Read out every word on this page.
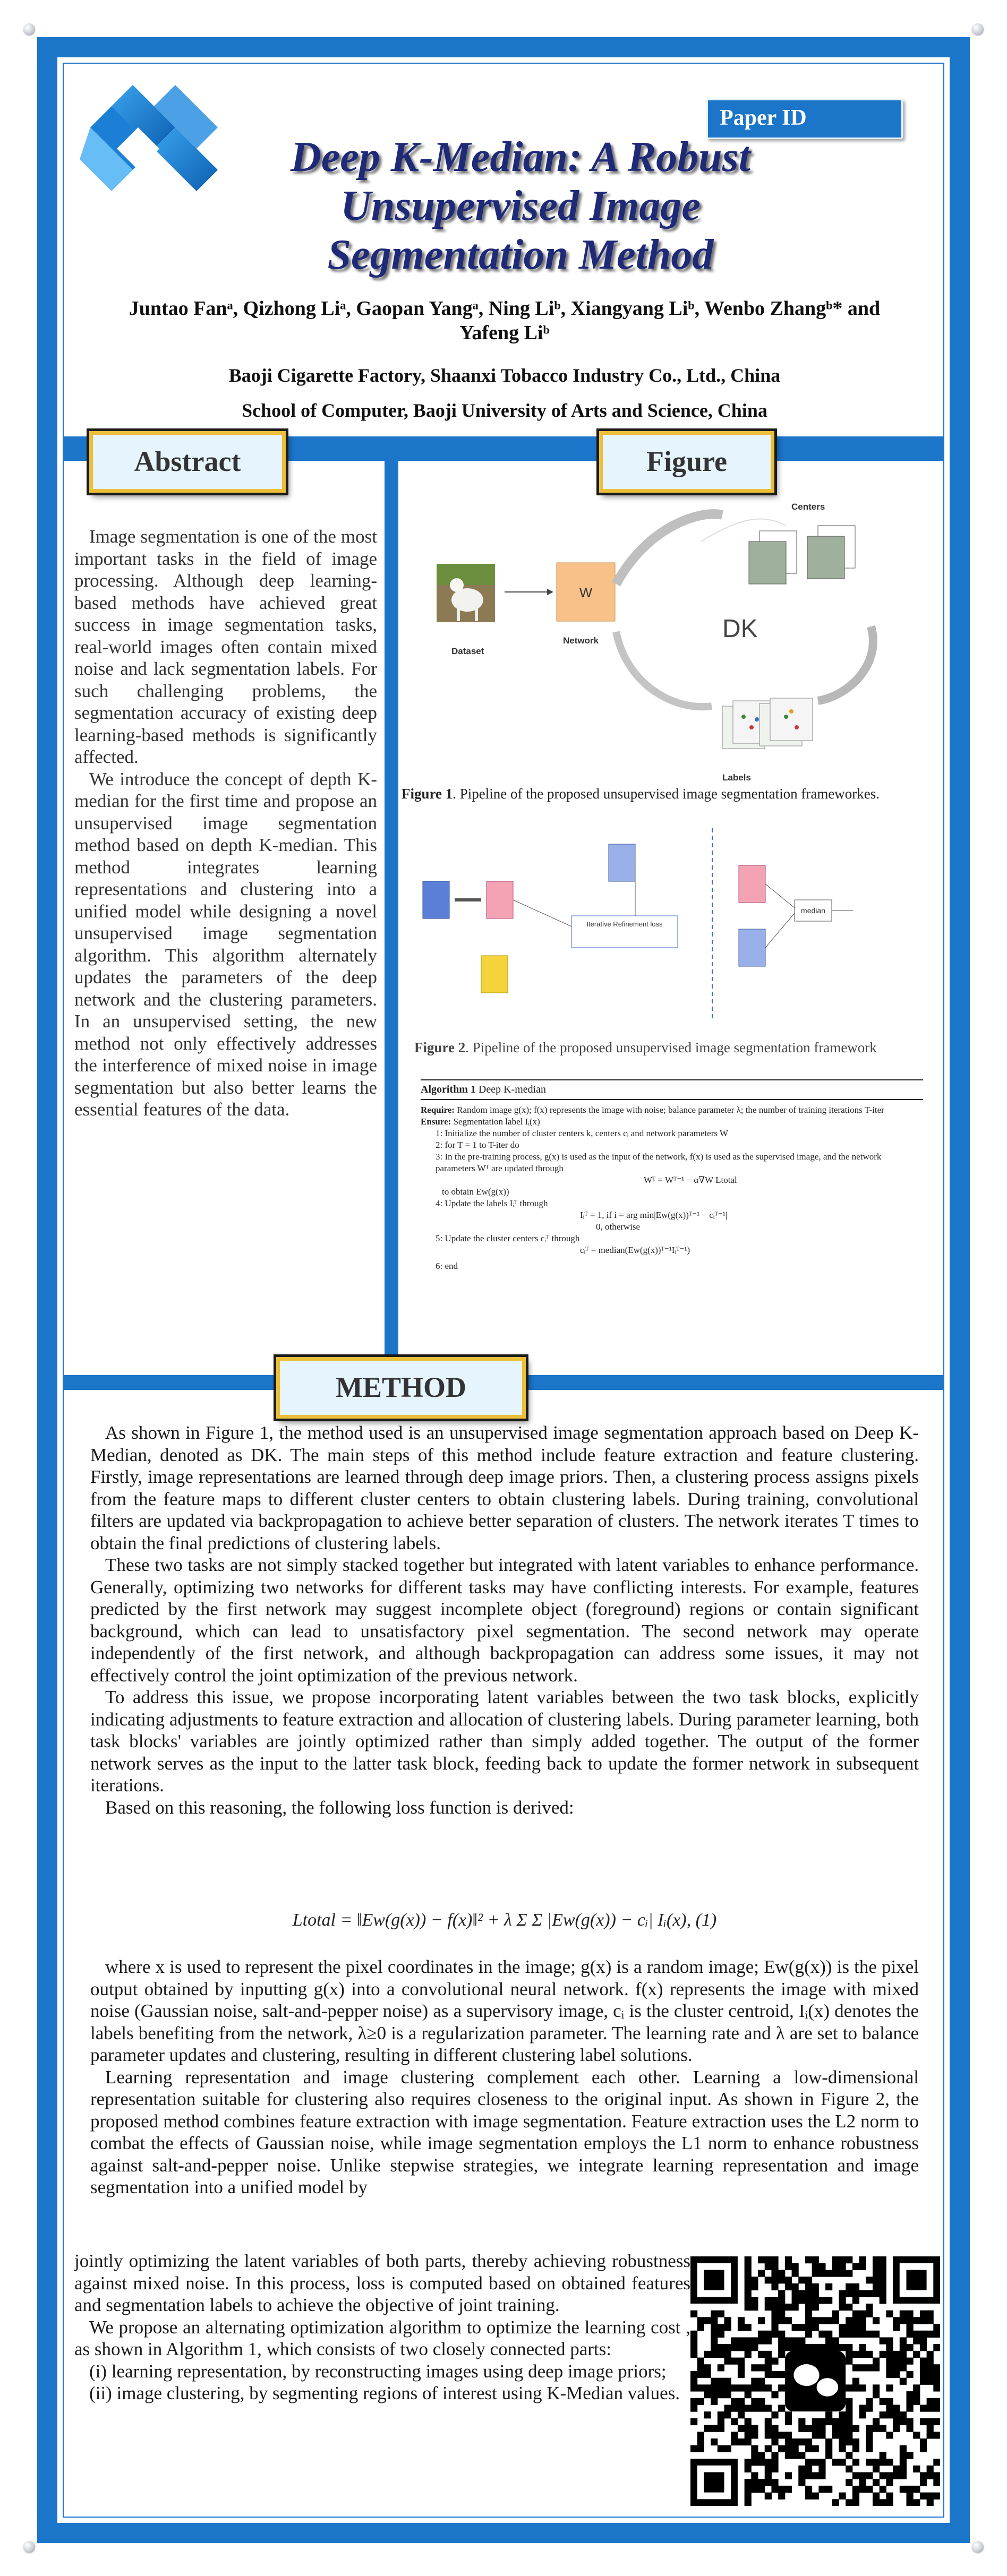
Paper ID
Deep K-Median: A Robust
Unsupervised Image
Segmentation Method
Juntao Fanᵃ, Qizhong Liᵃ, Gaopan Yangᵃ, Ning Liᵇ, Xiangyang Liᵇ, Wenbo Zhangᵇ* and
Yafeng Liᵇ
Baoji Cigarette Factory, Shaanxi Tobacco Industry Co., Ltd., China
School of Computer, Baoji University of Arts and Science, China
Abstract	Figure
METHOD

Image segmentation is one of the most important tasks in the field of image processing. Although deep learning-based methods have achieved great success in image segmentation tasks, real-world images often contain mixed noise and lack segmentation labels. For such challenging problems, the segmentation accuracy of existing deep learning-based methods is significantly affected.

We introduce the concept of depth K-median for the first time and propose an unsupervised image segmentation method based on depth K-median. This method integrates learning representations and clustering into a unified model while designing a novel unsupervised image segmentation algorithm. This algorithm alternately updates the parameters of the deep network and the clustering parameters. In an unsupervised setting, the new method not only effectively addresses the interference of mixed noise in image segmentation but also better learns the essential features of the data.

Dataset
Network
W
DK
Centers
Labels
Figure 1. Pipeline of the proposed unsupervised image segmentation frameworkes.
Iterative Refinement loss
median
Figure 2. Pipeline of the proposed unsupervised image segmentation framework
Algorithm 1 Deep K-median
Require: Random image g(x); f(x) represents the image with noise; balance parameter λ; the number of training iterations T-iter
Ensure: Segmentation label Iᵢ(x)
1: Initialize the number of cluster centers k, centers cᵢ and network parameters W
2: for T = 1 to T-iter do
3: In the pre-training process, g(x) is used as the input of the network, f(x) is used as the supervised image, and the network parameters Wᵀ are updated through
Wᵀ = Wᵀ⁻¹ − α∇W Ltotal
to obtain Ew(g(x))
4: Update the labels Iᵢᵀ through
Iᵢᵀ = 1, if i = arg min|Ew(g(x))ᵀ⁻¹ − cᵢᵀ⁻¹|
0, otherwise
5: Update the cluster centers cᵢᵀ through
cᵢᵀ = median(Ew(g(x))ᵀ⁻¹Iᵢᵀ⁻¹)
6: end

As shown in Figure 1, the method used is an unsupervised image segmentation approach based on Deep K-Median, denoted as DK. The main steps of this method include feature extraction and feature clustering. Firstly, image representations are learned through deep image priors. Then, a clustering process assigns pixels from the feature maps to different cluster centers to obtain clustering labels. During training, convolutional filters are updated via backpropagation to achieve better separation of clusters. The network iterates T times to obtain the final predictions of clustering labels.

These two tasks are not simply stacked together but integrated with latent variables to enhance performance. Generally, optimizing two networks for different tasks may have conflicting interests. For example, features predicted by the first network may suggest incomplete object (foreground) regions or contain significant background, which can lead to unsatisfactory pixel segmentation. The second network may operate independently of the first network, and although backpropagation can address some issues, it may not effectively control the joint optimization of the previous network.

To address this issue, we propose incorporating latent variables between the two task blocks, explicitly indicating adjustments to feature extraction and allocation of clustering labels. During parameter learning, both task blocks' variables are jointly optimized rather than simply added together. The output of the former network serves as the input to the latter task block, feeding back to update the former network in subsequent iterations.

Based on this reasoning, the following loss function is derived:

Ltotal = ‖Ew(g(x)) − f(x)‖² + λ Σ Σ |Ew(g(x)) − cᵢ| Iᵢ(x), (1)

where x is used to represent the pixel coordinates in the image; g(x) is a random image; Ew(g(x)) is the pixel output obtained by inputting g(x) into a convolutional neural network. f(x) represents the image with mixed noise (Gaussian noise, salt-and-pepper noise) as a supervisory image, cᵢ is the cluster centroid, Iᵢ(x) denotes the labels benefiting from the network, λ≥0 is a regularization parameter. The learning rate and λ are set to balance parameter updates and clustering, resulting in different clustering label solutions.

Learning representation and image clustering complement each other. Learning a low-dimensional representation suitable for clustering also requires closeness to the original input. As shown in Figure 2, the proposed method combines feature extraction with image segmentation. Feature extraction uses the L2 norm to combat the effects of Gaussian noise, while image segmentation employs the L1 norm to enhance robustness against salt-and-pepper noise. Unlike stepwise strategies, we integrate learning representation and image segmentation into a unified model by

jointly optimizing the latent variables of both parts, thereby achieving robustness against mixed noise. In this process, loss is computed based on obtained features and segmentation labels to achieve the objective of joint training.

We propose an alternating optimization algorithm to optimize the learning cost , as shown in Algorithm 1, which consists of two closely connected parts:

(i) learning representation, by reconstructing images using deep image priors;

(ii) image clustering, by segmenting regions of interest using K-Median values.
